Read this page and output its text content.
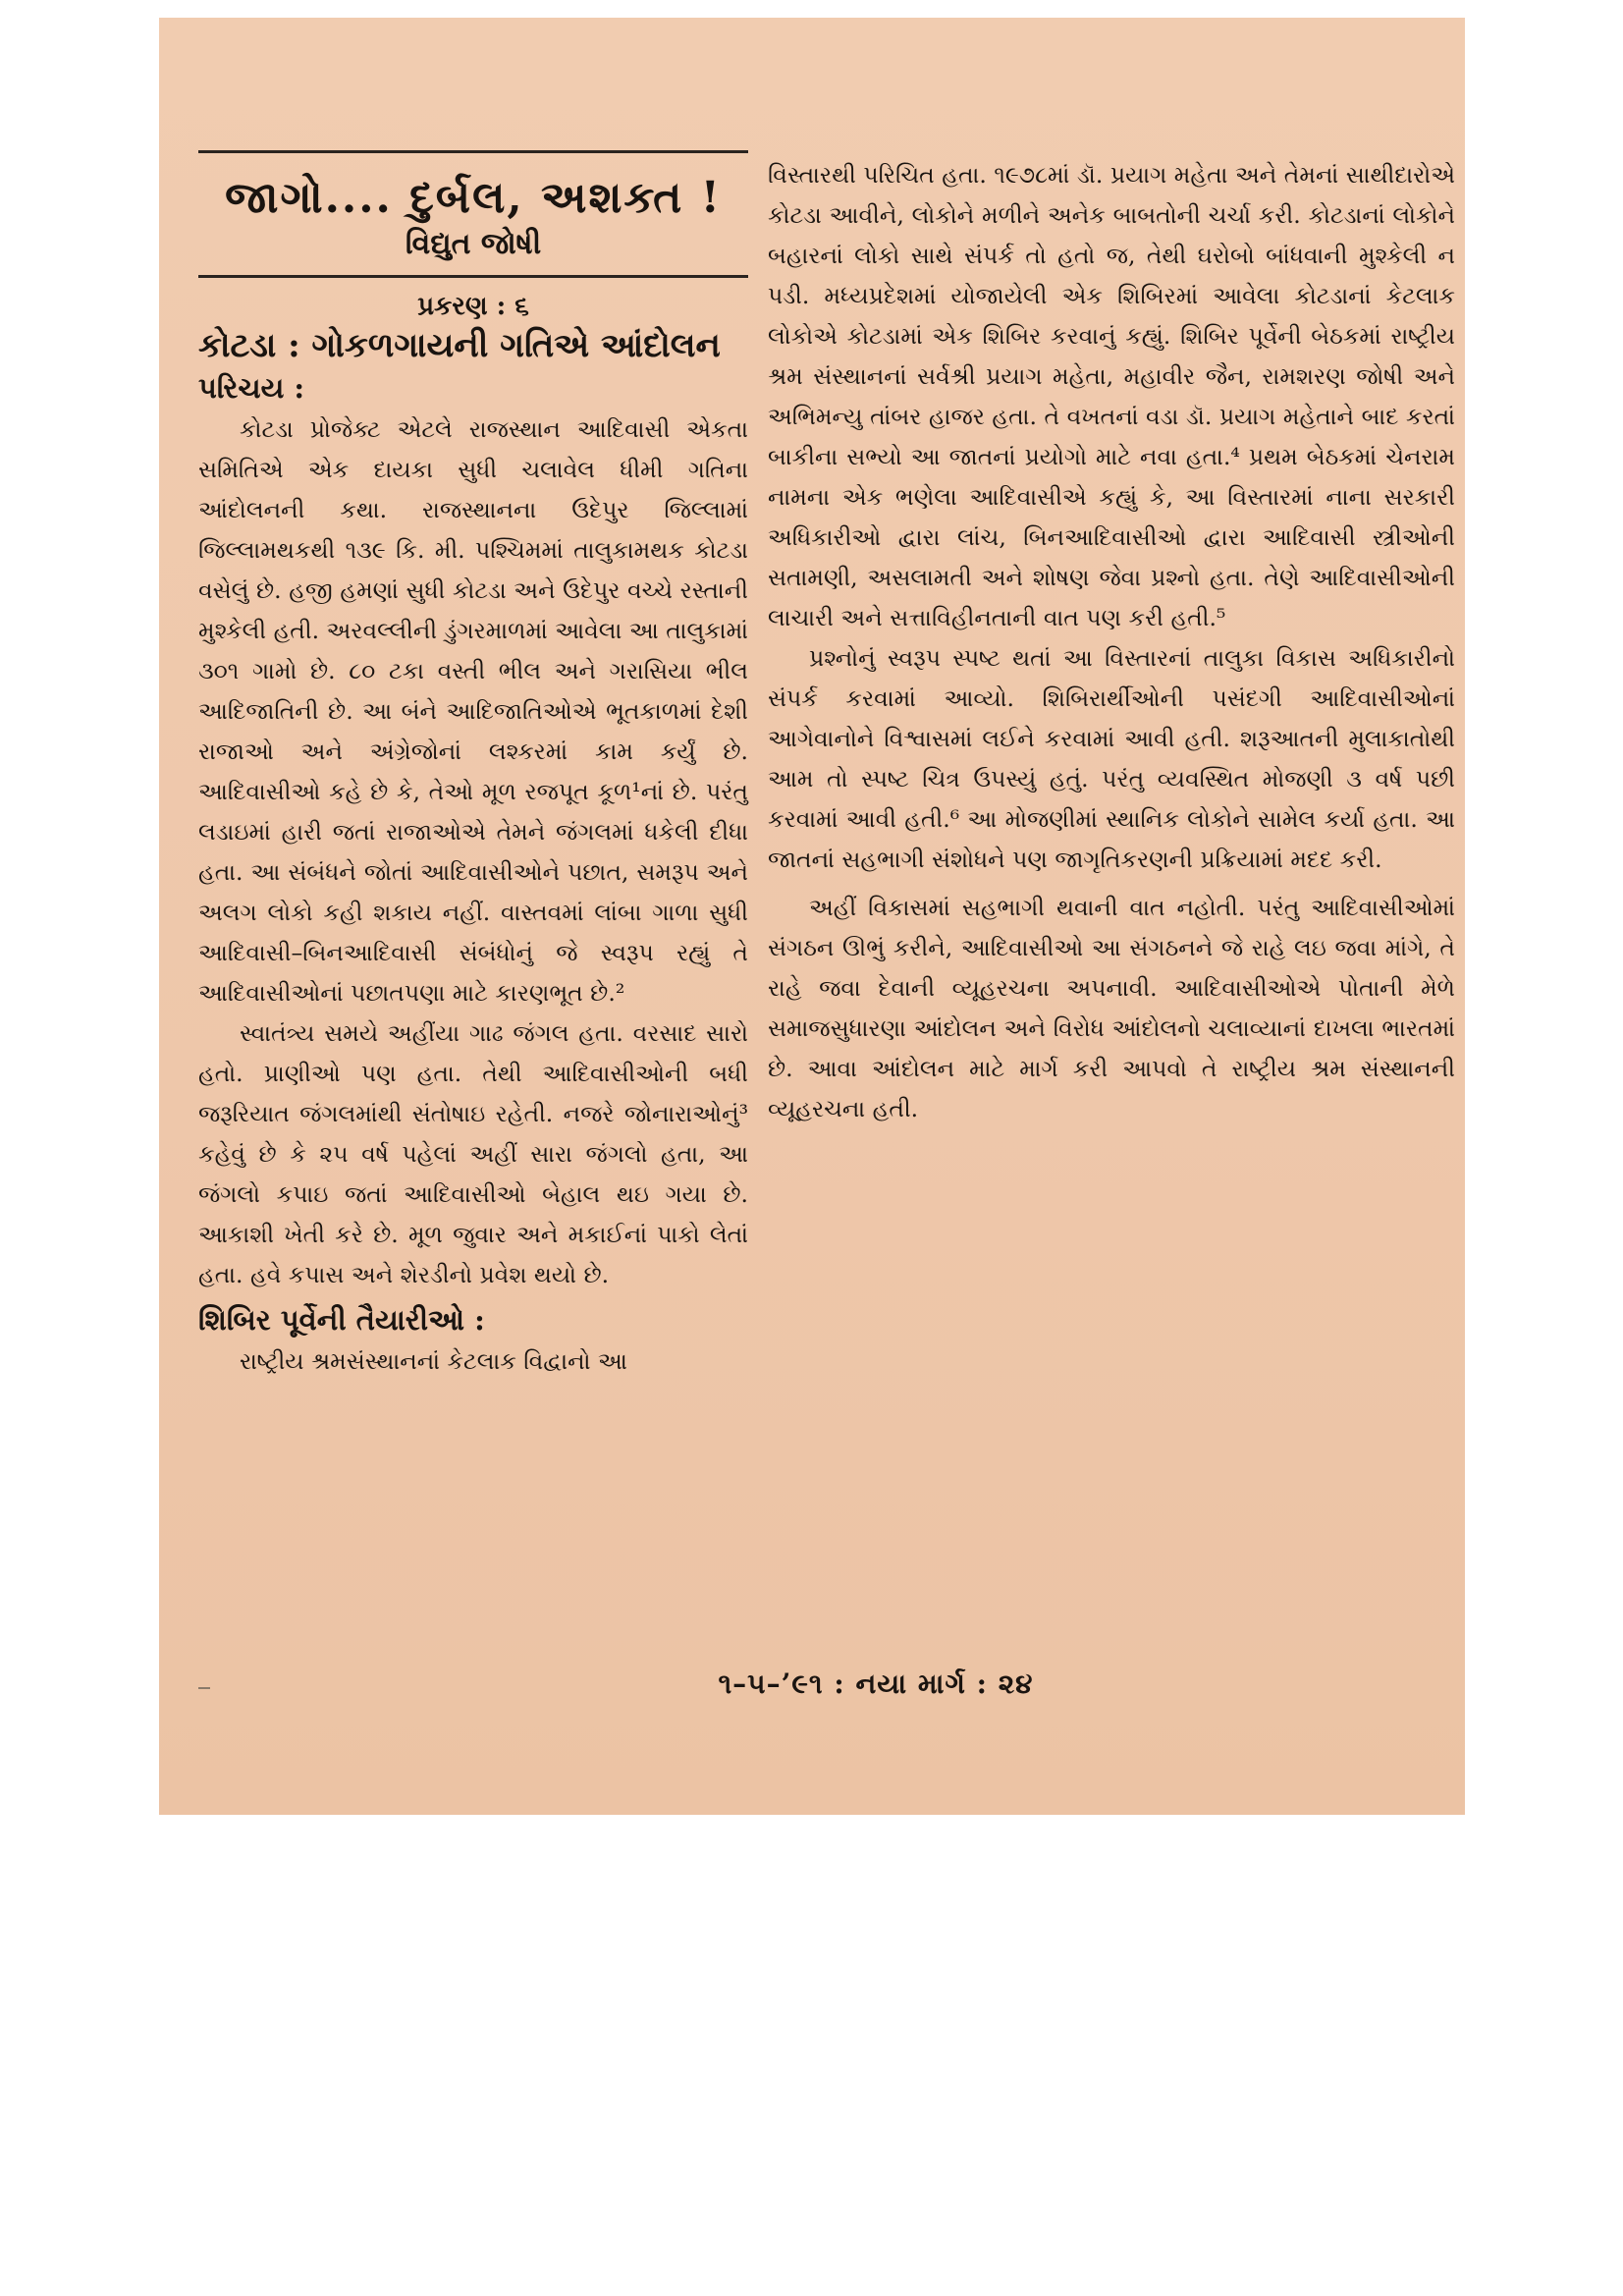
જાગો.... દુર્બલ, અશક્ત !
વિદ્યુત જોષી
પ્રકરણ : ૬
કોટડા : ગોકળગાયની ગતિએ આંદોલન
પરિચય :

કોટડા પ્રોજેક્ટ એટલે રાજસ્થાન આદિવાસી એકતા સમિતિએ એક દાયકા સુધી ચલાવેલ ધીમી ગતિના આંદોલનની કથા. રાજસ્થાનના ઉદેપુર જિલ્લામાં જિલ્લામથકથી ૧૩૯ કિ. મી. પશ્ચિમમાં તાલુકામથક કોટડા વસેલું છે. હજી હમણાં સુધી કોટડા અને ઉદેપુર વચ્ચે રસ્તાની મુશ્કેલી હતી. અરવલ્લીની ડુંગરમાળમાં આવેલા આ તાલુકામાં ૩૦૧ ગામો છે. ૮૦ ટકા વસ્તી ભીલ અને ગરાસિયા ભીલ આદિજાતિની છે. આ બંને આદિજાતિઓએ ભૂતકાળમાં દેશી રાજાઓ અને અંગ્રેજોનાં લશ્કરમાં કામ કર્યું છે. આદિવાસીઓ કહે છે કે, તેઓ મૂળ રજપૂત કૂળ¹નાં છે. પરંતુ લડાઇમાં હારી જતાં રાજાઓએ તેમને જંગલમાં ધકેલી દીધા હતા. આ સંબંધને જોતાં આદિવાસીઓને પછાત, સમરૂપ અને અલગ લોકો કહી શકાય નહીં. વાસ્તવમાં લાંબા ગાળા સુધી આદિવાસી–બિનઆદિવાસી સંબંધોનું જે સ્વરૂપ રહ્યું તે આદિવાસીઓનાં પછાતપણા માટે કારણભૂત છે.²

સ્વાતંત્ર્ય સમયે અહીંયા ગાઢ જંગલ હતા. વરસાદ સારો હતો. પ્રાણીઓ પણ હતા. તેથી આદિવાસીઓની બધી જરૂરિયાત જંગલમાંથી સંતોષાઇ રહેતી. નજરે જોનારાઓનું³ કહેવું છે કે ૨૫ વર્ષ પહેલાં અહીં સારા જંગલો હતા, આ જંગલો કપાઇ જતાં આદિવાસીઓ બેહાલ થઇ ગયા છે. આકાશી ખેતી કરે છે. મૂળ જુવાર અને મકાઈનાં પાકો લેતાં હતા. હવે કપાસ અને શેરડીનો પ્રવેશ થયો છે.

શિબિર પૂર્વેની તૈયારીઓ :

રાષ્ટ્રીય શ્રમસંસ્થાનનાં કેટલાક વિદ્વાનો આ

વિસ્તારથી પરિચિત હતા. ૧૯૭૮માં ડૉ. પ્રયાગ મહેતા અને તેમનાં સાથીદારોએ કોટડા આવીને, લોકોને મળીને અનેક બાબતોની ચર્ચા કરી. કોટડાનાં લોકોને બહારનાં લોકો સાથે સંપર્ક તો હતો જ, તેથી ઘરોબો બાંધવાની મુશ્કેલી ન પડી. મધ્યપ્રદેશમાં યોજાયેલી એક શિબિરમાં આવેલા કોટડાનાં કેટલાક લોકોએ કોટડામાં એક શિબિર કરવાનું કહ્યું. શિબિર પૂર્વેની બેઠકમાં રાષ્ટ્રીય શ્રમ સંસ્થાનનાં સર્વશ્રી પ્રયાગ મહેતા, મહાવીર જૈન, રામશરણ જોષી અને અભિમન્યુ તાંબર હાજર હતા. તે વખતનાં વડા ડૉ. પ્રયાગ મહેતાને બાદ કરતાં બાકીના સભ્યો આ જાતનાં પ્રયોગો માટે નવા હતા.⁴ પ્રથમ બેઠકમાં ચેનરામ નામના એક ભણેલા આદિવાસીએ કહ્યું કે, આ વિસ્તારમાં નાના સરકારી અધિકારીઓ દ્વારા લાંચ, બિનઆદિવાસીઓ દ્વારા આદિવાસી સ્ત્રીઓની સતામણી, અસલામતી અને શોષણ જેવા પ્રશ્નો હતા. તેણે આદિવાસીઓની લાચારી અને સત્તાવિહીનતાની વાત પણ કરી હતી.⁵

પ્રશ્નોનું સ્વરૂપ સ્પષ્ટ થતાં આ વિસ્તારનાં તાલુકા વિકાસ અધિકારીનો સંપર્ક કરવામાં આવ્યો. શિબિરાર્થીઓની પસંદગી આદિવાસીઓનાં આગેવાનોને વિશ્વાસમાં લઈને કરવામાં આવી હતી. શરૂઆતની મુલાકાતોથી આમ તો સ્પષ્ટ ચિત્ર ઉપસ્યું હતું. પરંતુ વ્યવસ્થિત મોજણી ૩ વર્ષ પછી કરવામાં આવી હતી.⁶ આ મોજણીમાં સ્થાનિક લોકોને સામેલ કર્યા હતા. આ જાતનાં સહભાગી સંશોધને પણ જાગૃતિકરણની પ્રક્રિયામાં મદદ કરી.

અહીં વિકાસમાં સહભાગી થવાની વાત નહોતી. પરંતુ આદિવાસીઓમાં સંગઠન ઊભું કરીને, આદિવાસીઓ આ સંગઠનને જે રાહે લઇ જવા માંગે, તે રાહે જવા દેવાની વ્યૂહરચના અપનાવી. આદિવાસીઓએ પોતાની મેળે સમાજસુધારણા આંદોલન અને વિરોધ આંદોલનો ચલાવ્યાનાં દાખલા ભારતમાં છે. આવા આંદોલન માટે માર્ગ કરી આપવો તે રાષ્ટ્રીય શ્રમ સંસ્થાનની વ્યૂહરચના હતી.

૧–૫–’૯૧ : નયા માર્ગ : ૨૪
